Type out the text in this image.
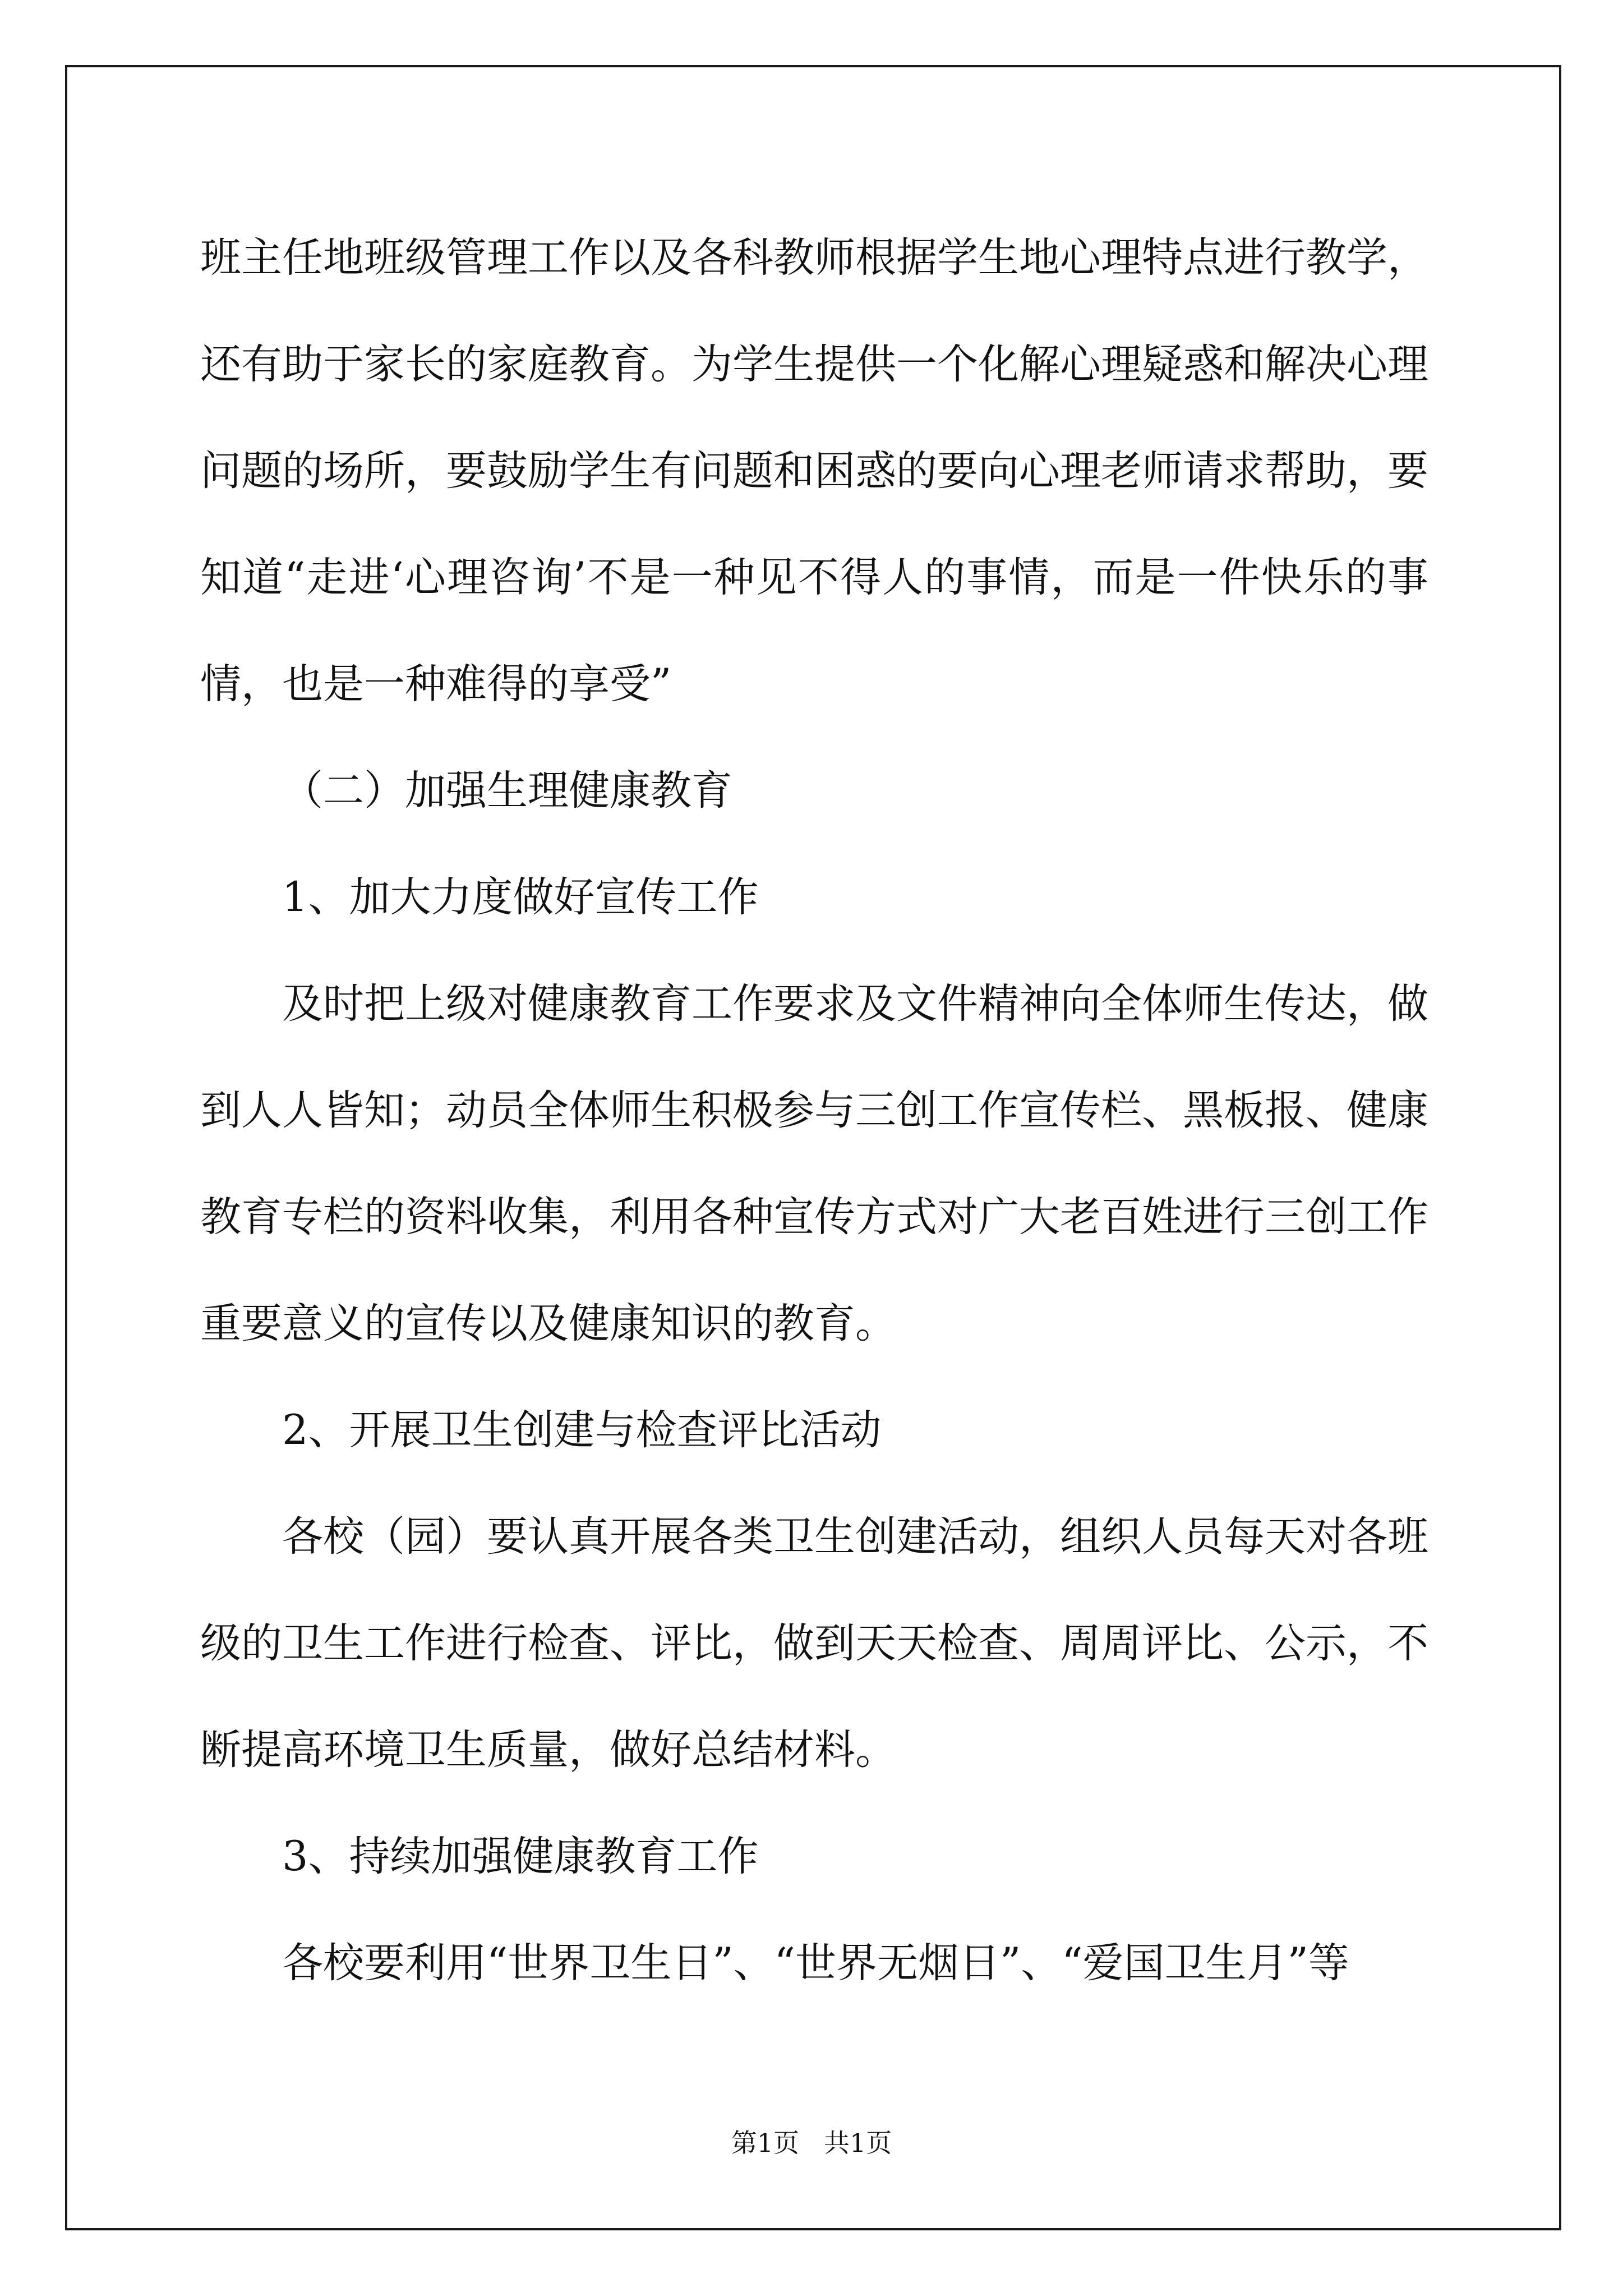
班主任地班级管理工作以及各科教师根据学生地心理特点进行教学，还有助于家长的家庭教育。为学生提供一个化解心理疑惑和解决心理问题的场所，要鼓励学生有问题和困惑的要向心理老师请求帮助，要知道“走进‘心理咨询’不是一种见不得人的事情，而是一件快乐的事情，也是一种难得的享受”

（二）加强生理健康教育

1、加大力度做好宣传工作

及时把上级对健康教育工作要求及文件精神向全体师生传达，做到人人皆知；动员全体师生积极参与三创工作宣传栏、黑板报、健康教育专栏的资料收集，利用各种宣传方式对广大老百姓进行三创工作重要意义的宣传以及健康知识的教育。

2、开展卫生创建与检查评比活动

各校（园）要认真开展各类卫生创建活动，组织人员每天对各班级的卫生工作进行检查、评比，做到天天检查、周周评比、公示，不断提高环境卫生质量，做好总结材料。

3、持续加强健康教育工作

各校要利用“世界卫生日”、“世界无烟日”、“爱国卫生月”等

第1页 共1页
